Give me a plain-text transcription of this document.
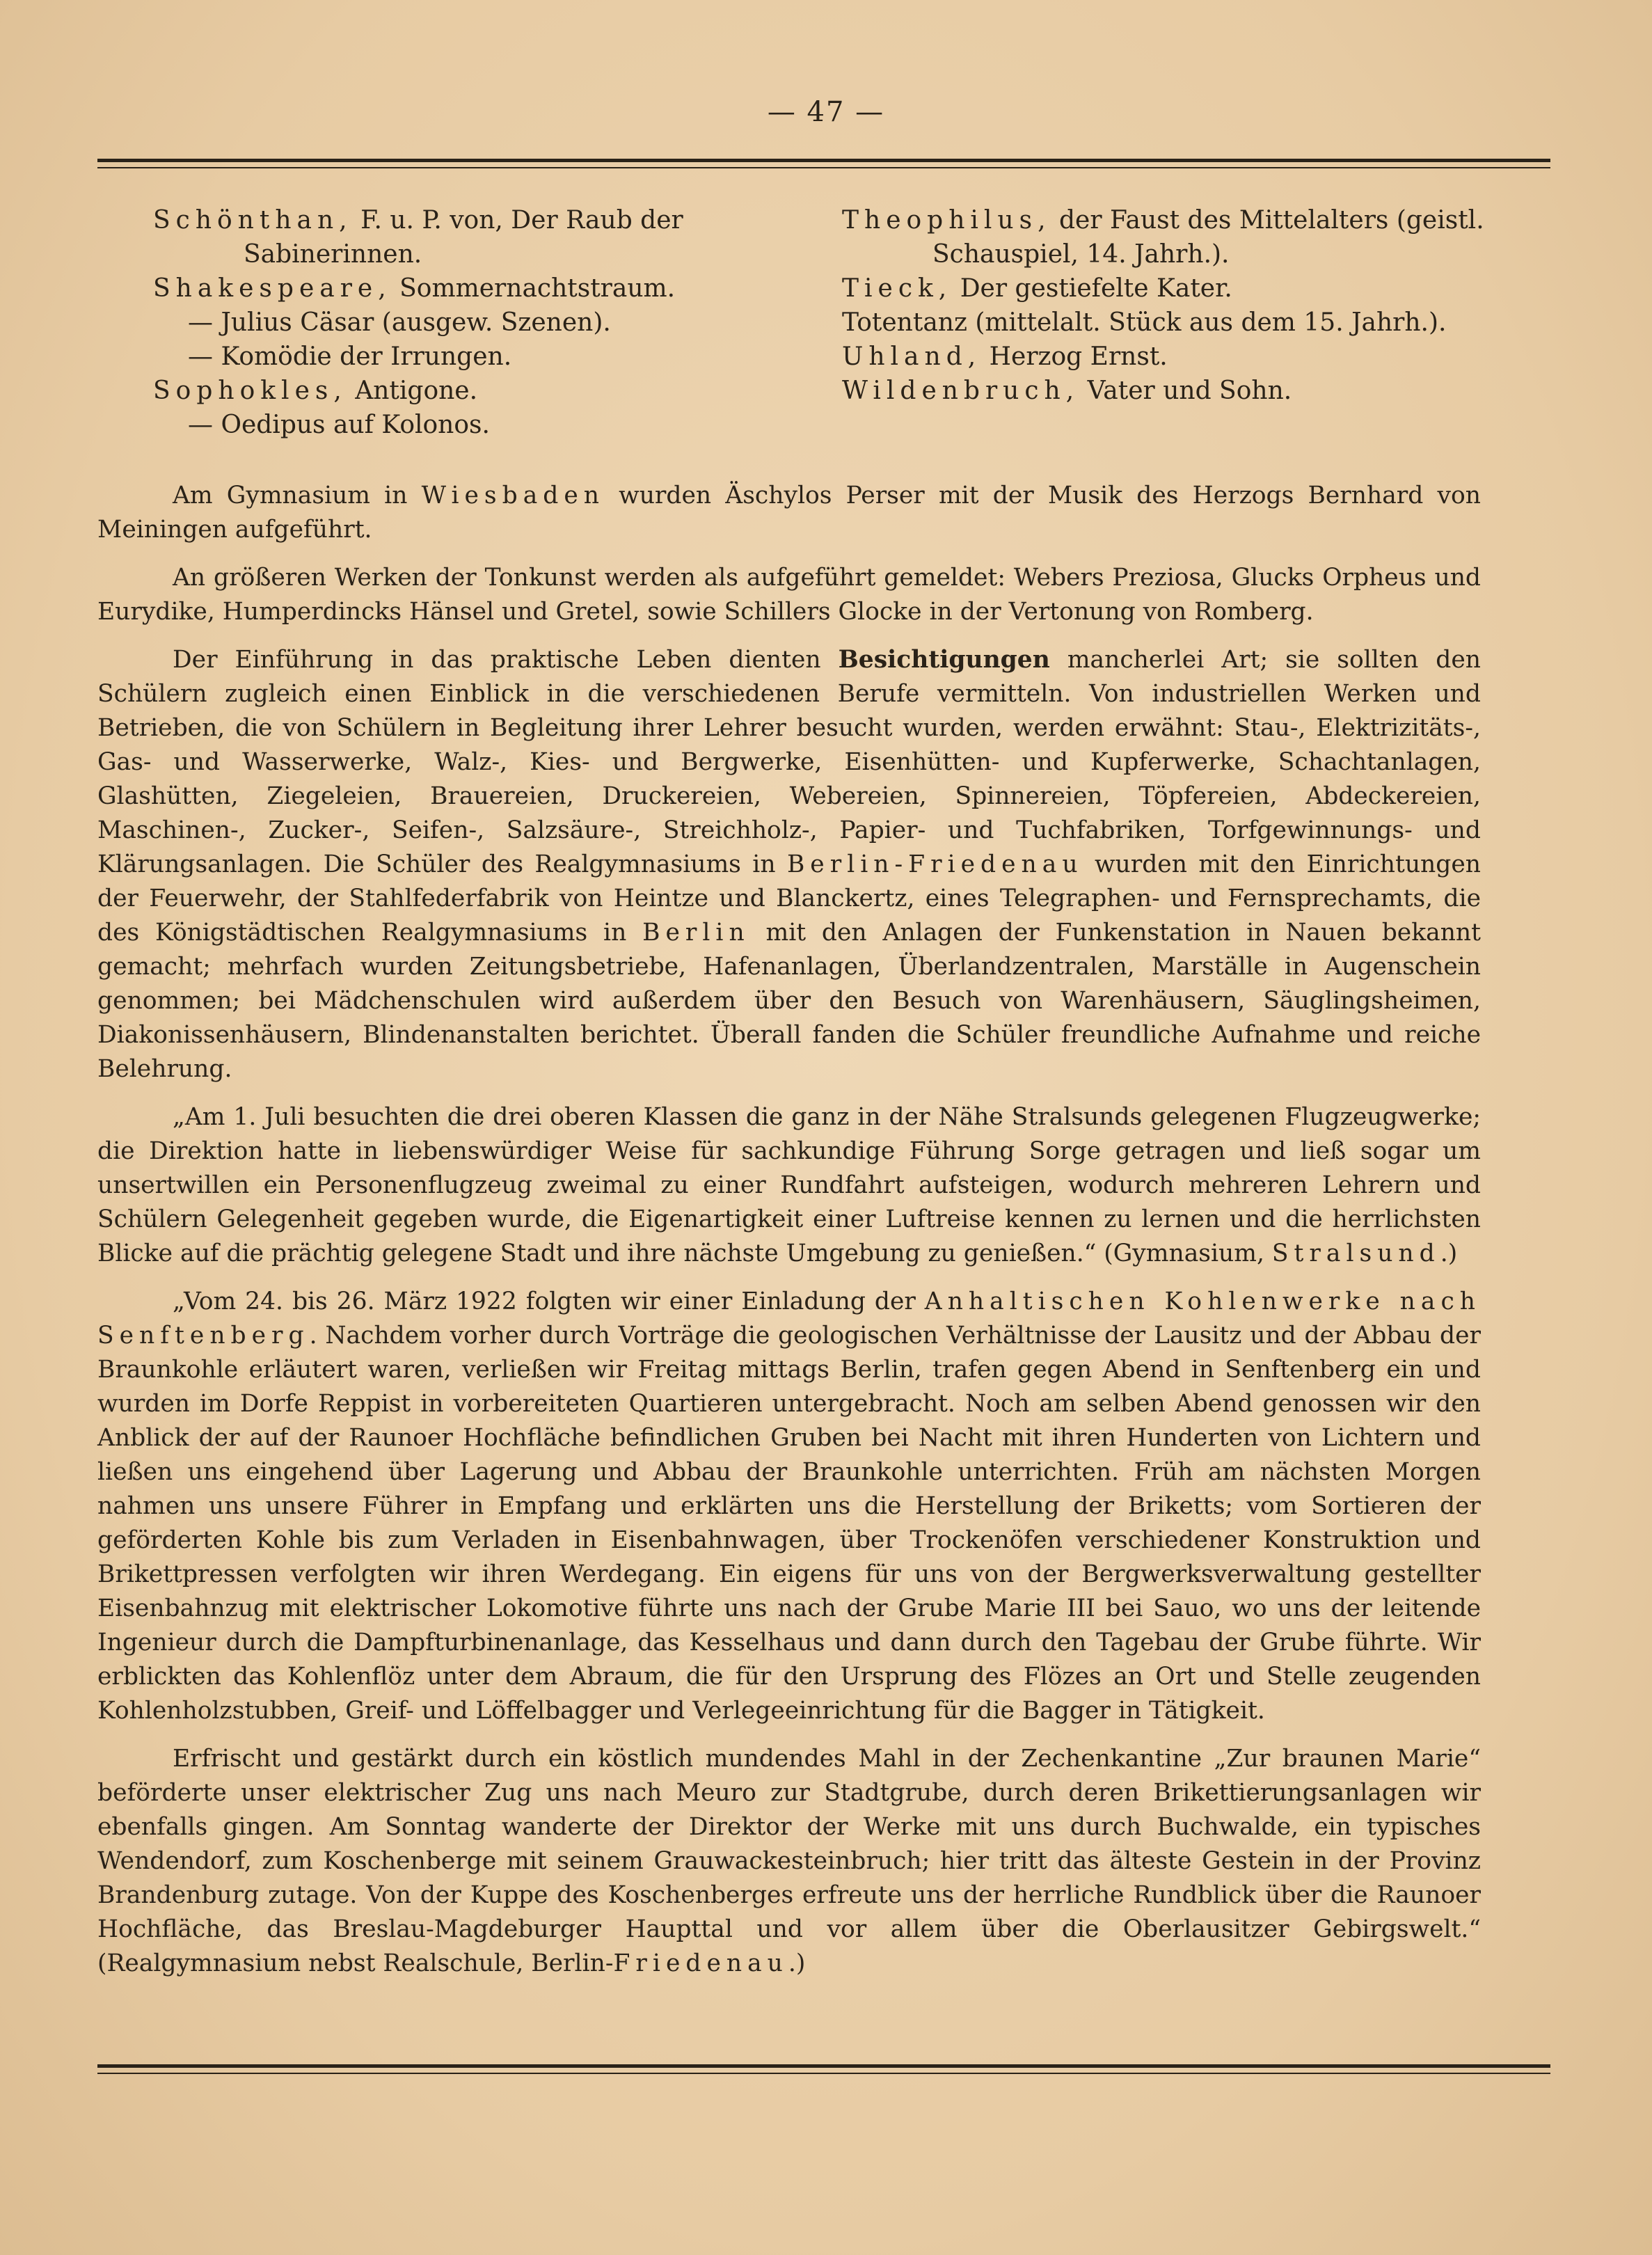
— 47 —

Schönthan, F. u. P. von, Der Raub der Sabinerinnen.

Shakespeare, Sommernachtstraum.

— Julius Cäsar (ausgew. Szenen).

— Komödie der Irrungen.

Sophokles, Antigone.

— Oedipus auf Kolonos.

Theophilus, der Faust des Mittelalters (geistl. Schauspiel, 14. Jahrh.).

Tieck, Der gestiefelte Kater.

Totentanz (mittelalt. Stück aus dem 15. Jahrh.).

Uhland, Herzog Ernst.

Wildenbruch, Vater und Sohn.

Am Gymnasium in Wiesbaden wurden Äschylos Perser mit der Musik des Herzogs Bernhard von Meiningen aufgeführt.

An größeren Werken der Tonkunst werden als aufgeführt gemeldet: Webers Preziosa, Glucks Orpheus und Eurydike, Humperdincks Hänsel und Gretel, sowie Schillers Glocke in der Vertonung von Romberg.

Der Einführung in das praktische Leben dienten Besichtigungen mancherlei Art; sie sollten den Schülern zugleich einen Einblick in die verschiedenen Berufe vermitteln. Von industriellen Werken und Betrieben, die von Schülern in Begleitung ihrer Lehrer besucht wurden, werden erwähnt: Stau-, Elektrizitäts-, Gas- und Wasserwerke, Walz-, Kies- und Bergwerke, Eisenhütten- und Kupferwerke, Schachtanlagen, Glashütten, Ziegeleien, Brauereien, Druckereien, Webereien, Spinnereien, Töpfereien, Abdeckereien, Maschinen-, Zucker-, Seifen-, Salzsäure-, Streichholz-, Papier- und Tuchfabriken, Torfgewinnungs- und Klärungsanlagen. Die Schüler des Realgymnasiums in Berlin-Friedenau wurden mit den Einrichtungen der Feuerwehr, der Stahlfederfabrik von Heintze und Blanckertz, eines Telegraphen- und Fernsprechamts, die des Königstädtischen Realgymnasiums in Berlin mit den Anlagen der Funkenstation in Nauen bekannt gemacht; mehrfach wurden Zeitungsbetriebe, Hafenanlagen, Überlandzentralen, Marställe in Augenschein genommen; bei Mädchenschulen wird außerdem über den Besuch von Warenhäusern, Säuglingsheimen, Diakonissenhäusern, Blindenanstalten berichtet. Überall fanden die Schüler freundliche Aufnahme und reiche Belehrung.

„Am 1. Juli besuchten die drei oberen Klassen die ganz in der Nähe Stralsunds gelegenen Flugzeugwerke; die Direktion hatte in liebenswürdiger Weise für sachkundige Führung Sorge getragen und ließ sogar um unsertwillen ein Personenflugzeug zweimal zu einer Rundfahrt aufsteigen, wodurch mehreren Lehrern und Schülern Gelegenheit gegeben wurde, die Eigenartigkeit einer Luftreise kennen zu lernen und die herrlichsten Blicke auf die prächtig gelegene Stadt und ihre nächste Umgebung zu genießen.“ (Gymnasium, Stralsund.)

„Vom 24. bis 26. März 1922 folgten wir einer Einladung der Anhaltischen Kohlenwerke nach Senftenberg. Nachdem vorher durch Vorträge die geologischen Verhältnisse der Lausitz und der Abbau der Braunkohle erläutert waren, verließen wir Freitag mittags Berlin, trafen gegen Abend in Senftenberg ein und wurden im Dorfe Reppist in vorbereiteten Quartieren untergebracht. Noch am selben Abend genossen wir den Anblick der auf der Raunoer Hochfläche befindlichen Gruben bei Nacht mit ihren Hunderten von Lichtern und ließen uns eingehend über Lagerung und Abbau der Braunkohle unterrichten. Früh am nächsten Morgen nahmen uns unsere Führer in Empfang und erklärten uns die Herstellung der Briketts; vom Sortieren der geförderten Kohle bis zum Verladen in Eisenbahnwagen, über Trockenöfen verschiedener Konstruktion und Brikettpressen verfolgten wir ihren Werdegang. Ein eigens für uns von der Bergwerksverwaltung gestellter Eisenbahnzug mit elektrischer Lokomotive führte uns nach der Grube Marie III bei Sauo, wo uns der leitende Ingenieur durch die Dampfturbinenanlage, das Kesselhaus und dann durch den Tagebau der Grube führte. Wir erblickten das Kohlenflöz unter dem Abraum, die für den Ursprung des Flözes an Ort und Stelle zeugenden Kohlenholzstubben, Greif- und Löffelbagger und Verlegeeinrichtung für die Bagger in Tätigkeit.

Erfrischt und gestärkt durch ein köstlich mundendes Mahl in der Zechenkantine „Zur braunen Marie“ beförderte unser elektrischer Zug uns nach Meuro zur Stadtgrube, durch deren Brikettierungsanlagen wir ebenfalls gingen. Am Sonntag wanderte der Direktor der Werke mit uns durch Buchwalde, ein typisches Wendendorf, zum Koschenberge mit seinem Grauwackesteinbruch; hier tritt das älteste Gestein in der Provinz Brandenburg zutage. Von der Kuppe des Koschenberges erfreute uns der herrliche Rundblick über die Raunoer Hochfläche, das Breslau-Magdeburger Haupttal und vor allem über die Oberlausitzer Gebirgswelt.“ (Realgymnasium nebst Realschule, Berlin-Friedenau.)
